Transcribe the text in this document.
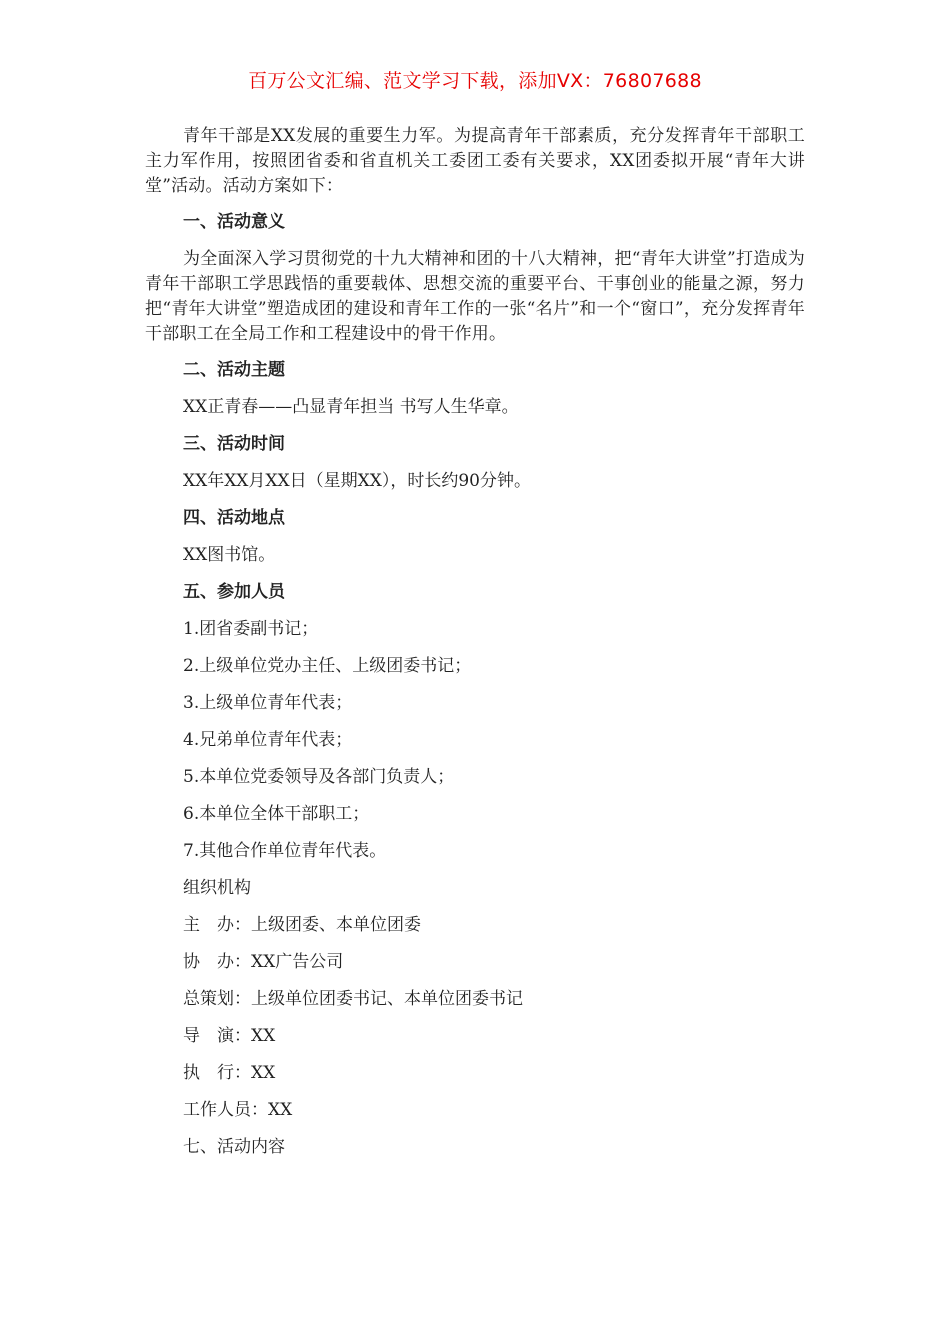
百万公文汇编、范文学习下载，添加VX：76807688

青年干部是XX发展的重要生力军。为提高青年干部素质，充分发挥青年干部职工主力军作用，按照团省委和省直机关工委团工委有关要求，XX团委拟开展“青年大讲堂”活动。活动方案如下：

一、活动意义

为全面深入学习贯彻党的十九大精神和团的十八大精神，把“青年大讲堂”打造成为青年干部职工学思践悟的重要载体、思想交流的重要平台、干事创业的能量之源，努力把“青年大讲堂”塑造成团的建设和青年工作的一张“名片”和一个“窗口”，充分发挥青年干部职工在全局工作和工程建设中的骨干作用。

二、活动主题
XX正青春——凸显青年担当 书写人生华章。
三、活动时间
XX年XX月XX日（星期XX），时长约90分钟。
四、活动地点
XX图书馆。
五、参加人员
1.团省委副书记；
2.上级单位党办主任、上级团委书记；
3.上级单位青年代表；
4.兄弟单位青年代表；
5.本单位党委领导及各部门负责人；
6.本单位全体干部职工；
7.其他合作单位青年代表。
组织机构
主　办：上级团委、本单位团委
协　办：XX广告公司
总策划：上级单位团委书记、本单位团委书记
导　演：XX
执　行：XX
工作人员：XX
七、活动内容
